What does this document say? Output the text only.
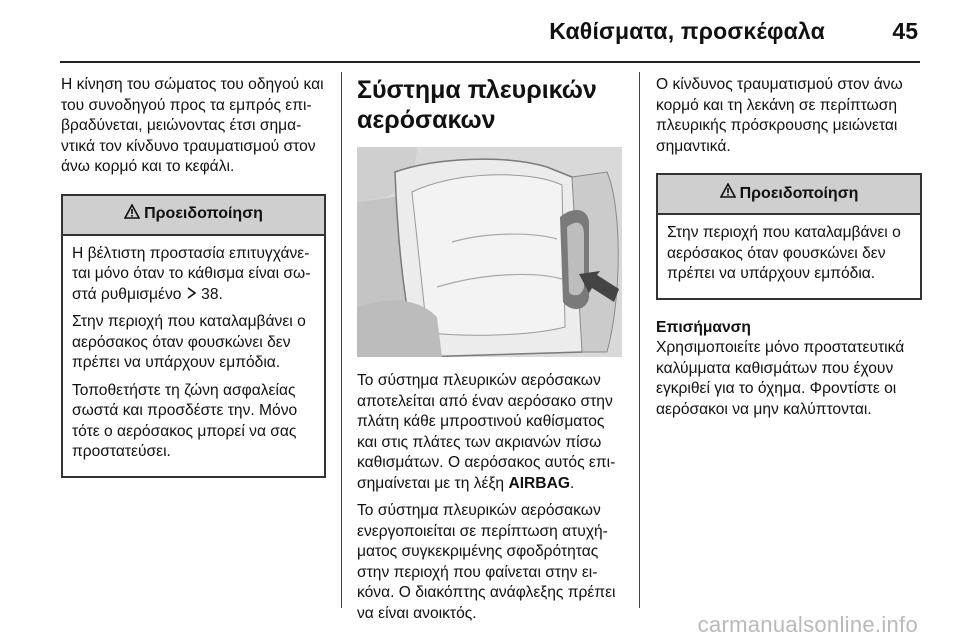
Καθίσματα, προσκέφαλα	45

Η κίνηση του σώματος του οδηγού και του συνοδηγού προς τα εμπρός επι-βραδύνεται, μειώνοντας έτσι σημα-ντικά τον κίνδυνο τραυματισμού στον άνω κορμό και το κεφάλι.

Προειδοποίηση

Η βέλτιστη προστασία επιτυγχάνε-ται μόνο όταν το κάθισμα είναι σω-στά ρυθμισμένο 38.

Στην περιοχή που καταλαμβάνει ο αερόσακος όταν φουσκώνει δεν πρέπει να υπάρχουν εμπόδια.

Τοποθετήστε τη ζώνη ασφαλείας σωστά και προσδέστε την. Μόνο τότε ο αερόσακος μπορεί να σας προστατεύσει.

Σύστημα πλευρικών αερόσακων

Το σύστημα πλευρικών αερόσακων αποτελείται από έναν αερόσακο στην πλάτη κάθε μπροστινού καθίσματος και στις πλάτες των ακριανών πίσω καθισμάτων. Ο αερόσακος αυτός επι-σημαίνεται με τη λέξη AIRBAG.

Το σύστημα πλευρικών αερόσακων ενεργοποιείται σε περίπτωση ατυχή-ματος συγκεκριμένης σφοδρότητας στην περιοχή που φαίνεται στην ει-κόνα. Ο διακόπτης ανάφλεξης πρέπει να είναι ανοικτός.

Ο κίνδυνος τραυματισμού στον άνω κορμό και τη λεκάνη σε περίπτωση πλευρικής πρόσκρουσης μειώνεται σημαντικά.

Προειδοποίηση

Στην περιοχή που καταλαμβάνει ο αερόσακος όταν φουσκώνει δεν πρέπει να υπάρχουν εμπόδια.

Επισήμανση
Χρησιμοποιείτε μόνο προστατευτικά καλύμματα καθισμάτων που έχουν εγκριθεί για το όχημα. Φροντίστε οι αερόσακοι να μην καλύπτονται.
carmanualsonline.info
